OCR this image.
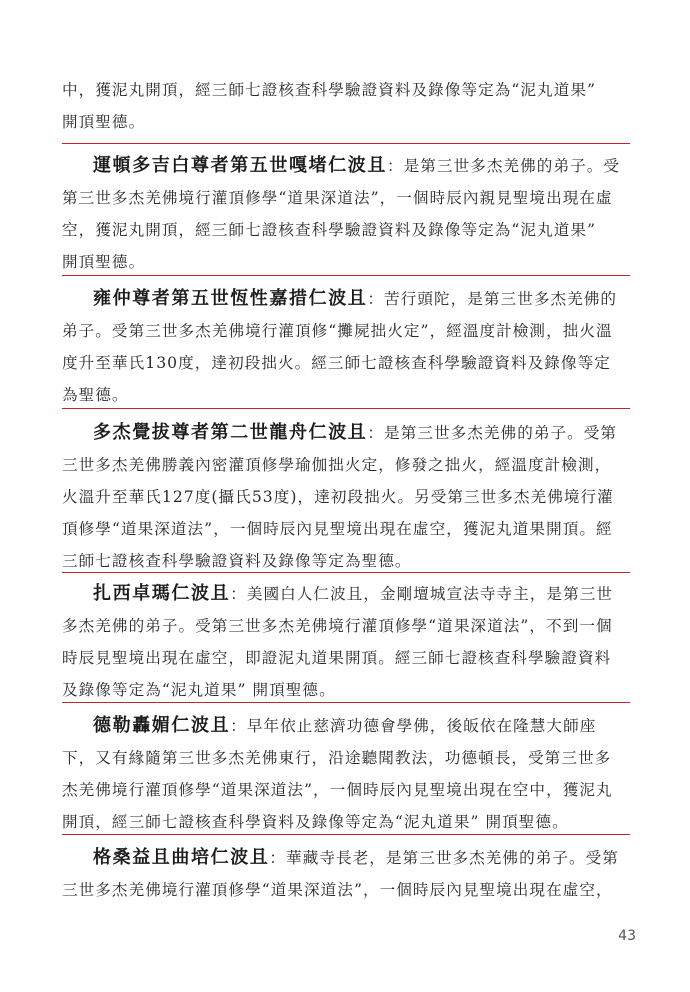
中，獲泥丸開頂，經三師七證核查科學驗證資料及錄像等定為“泥丸道果”
開頂聖德。
運頓多吉白尊者第五世嘎堵仁波且：是第三世多杰羌佛的弟子。受
第三世多杰羌佛境行灌頂修學“道果深道法”，一個時辰內親見聖境出現在虛
空，獲泥丸開頂，經三師七證核查科學驗證資料及錄像等定為“泥丸道果”
開頂聖德。
雍仲尊者第五世恆性嘉措仁波且：苦行頭陀，是第三世多杰羌佛的
弟子。受第三世多杰羌佛境行灌頂修“攤屍拙火定”，經溫度計檢測，拙火溫
度升至華氏130度，達初段拙火。經三師七證核查科學驗證資料及錄像等定
為聖德。
多杰覺拔尊者第二世龍舟仁波且：是第三世多杰羌佛的弟子。受第
三世多杰羌佛勝義內密灌頂修學瑜伽拙火定，修發之拙火，經溫度計檢測，
火溫升至華氏127度(攝氏53度)，達初段拙火。另受第三世多杰羌佛境行灌
頂修學“道果深道法”，一個時辰內見聖境出現在虛空，獲泥丸道果開頂。經
三師七證核查科學驗證資料及錄像等定為聖德。
扎西卓瑪仁波且：美國白人仁波且，金剛壇城宣法寺寺主，是第三世
多杰羌佛的弟子。受第三世多杰羌佛境行灌頂修學“道果深道法”，不到一個
時辰見聖境出現在虛空，即證泥丸道果開頂。經三師七證核查科學驗證資料
及錄像等定為“泥丸道果” 開頂聖德。
德勒轟媚仁波且：早年依止慈濟功德會學佛，後皈依在隆慧大師座
下，又有緣隨第三世多杰羌佛東行，沿途聽聞教法，功德頓長，受第三世多
杰羌佛境行灌頂修學“道果深道法”，一個時辰內見聖境出現在空中，獲泥丸
開頂，經三師七證核查科學資料及錄像等定為“泥丸道果” 開頂聖德。
格桑益且曲培仁波且：華藏寺長老，是第三世多杰羌佛的弟子。受第
三世多杰羌佛境行灌頂修學“道果深道法”，一個時辰內見聖境出現在虛空，
43
